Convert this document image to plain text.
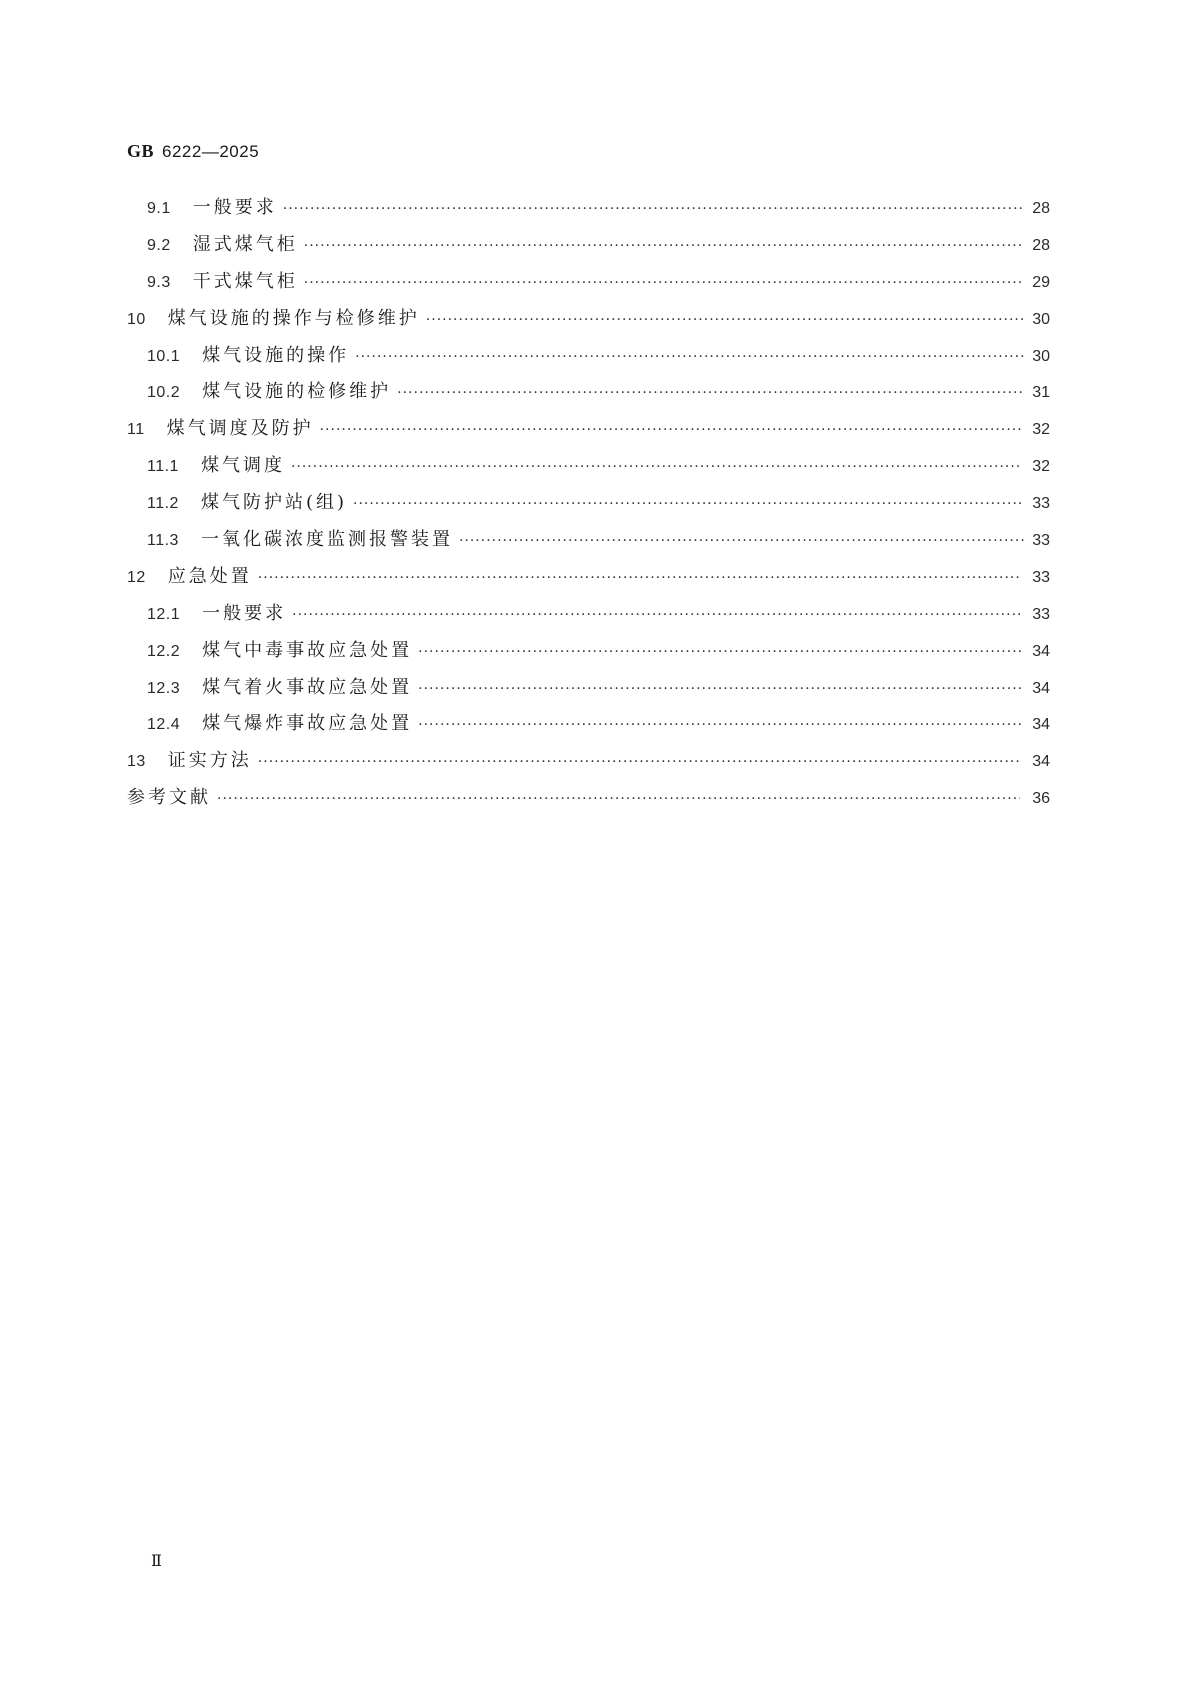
GB 6222—2025
9.1 一般要求 ·····	28
9.2 湿式煤气柜 ·····	28
9.3 干式煤气柜 ·····	29
10 煤气设施的操作与检修维护 ·····	30
10.1 煤气设施的操作 ·····	30
10.2 煤气设施的检修维护 ·····	31
11 煤气调度及防护 ·····	32
11.1 煤气调度 ·····	32
11.2 煤气防护站(组) ·····	33
11.3 一氧化碳浓度监测报警装置 ·····	33
12 应急处置 ·····	33
12.1 一般要求 ·····	33
12.2 煤气中毒事故应急处置 ·····	34
12.3 煤气着火事故应急处置 ·····	34
12.4 煤气爆炸事故应急处置 ·····	34
13 证实方法 ·····	34
参考文献 ·····	36
Ⅱ
